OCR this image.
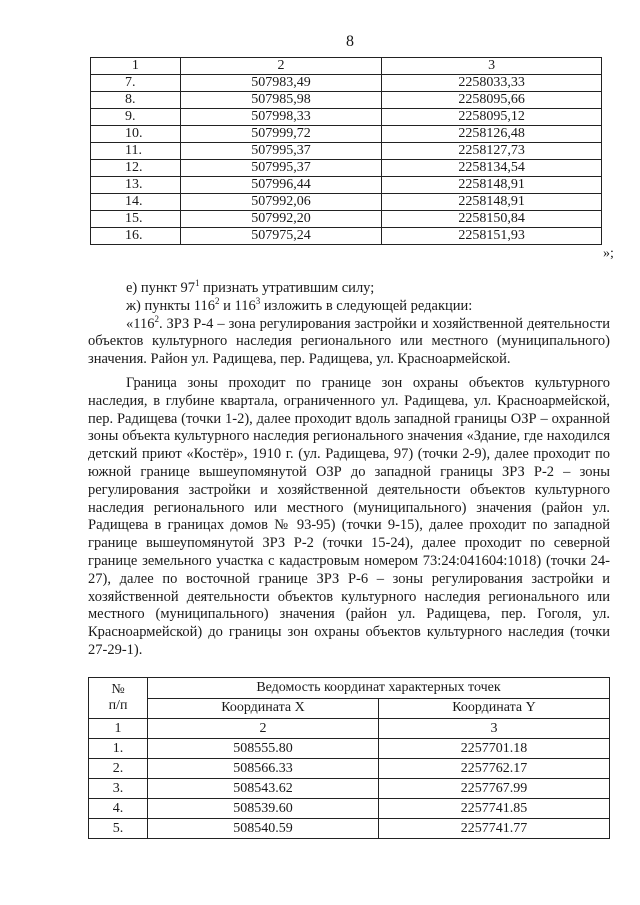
8
1	2	3
7.	507983,49	2258033,33
8.	507985,98	2258095,66
9.	507998,33	2258095,12
10.	507999,72	2258126,48
11.	507995,37	2258127,73
12.	507995,37	2258134,54
13.	507996,44	2258148,91
14.	507992,06	2258148,91
15.	507992,20	2258150,84
16.	507975,24	2258151,93
»;

е) пункт $97^1$ признать утратившим силу;

ж) пункты $116^2$ и $116^3$ изложить в следующей редакции:

«$116^2$. ЗРЗ Р-4 – зона регулирования застройки и хозяйственной деятельности объектов культурного наследия регионального или местного (муниципального) значения. Район ул. Радищева, пер. Радищева, ул. Красноармейской.

Граница зоны проходит по границе зон охраны объектов культурного наследия, в глубине квартала, ограниченного ул. Радищева, ул. Красноармейской, пер. Радищева (точки 1-2), далее проходит вдоль западной границы ОЗР – охранной зоны объекта культурного наследия регионального значения «Здание, где находился детский приют «Костёр», 1910 г. (ул. Радищева, 97) (точки 2-9), далее проходит по южной границе вышеупомянутой ОЗР до западной границы ЗРЗ Р-2 – зоны регулирования застройки и хозяйственной деятельности объектов культурного наследия регионального или местного (муниципального) значения (район ул. Радищева в границах домов № 93-95) (точки 9-15), далее проходит по западной границе вышеупомянутой ЗРЗ Р-2 (точки 15-24), далее проходит по северной границе земельного участка с кадастровым номером 73:24:041604:1018) (точки 24-27), далее по восточной границе ЗРЗ Р-6 – зоны регулирования застройки и хозяйственной деятельности объектов культурного наследия регионального или местного (муниципального) значения (район ул. Радищева, пер. Гоголя, ул. Красноармейской) до границы зон охраны объектов культурного наследия (точки 27-29-1).

№
п/п	Ведомость координат характерных точек	
	Координата X	Координата Y
1	2	3
1.	508555.80	2257701.18
2.	508566.33	2257762.17
3.	508543.62	2257767.99
4.	508539.60	2257741.85
5.	508540.59	2257741.77
